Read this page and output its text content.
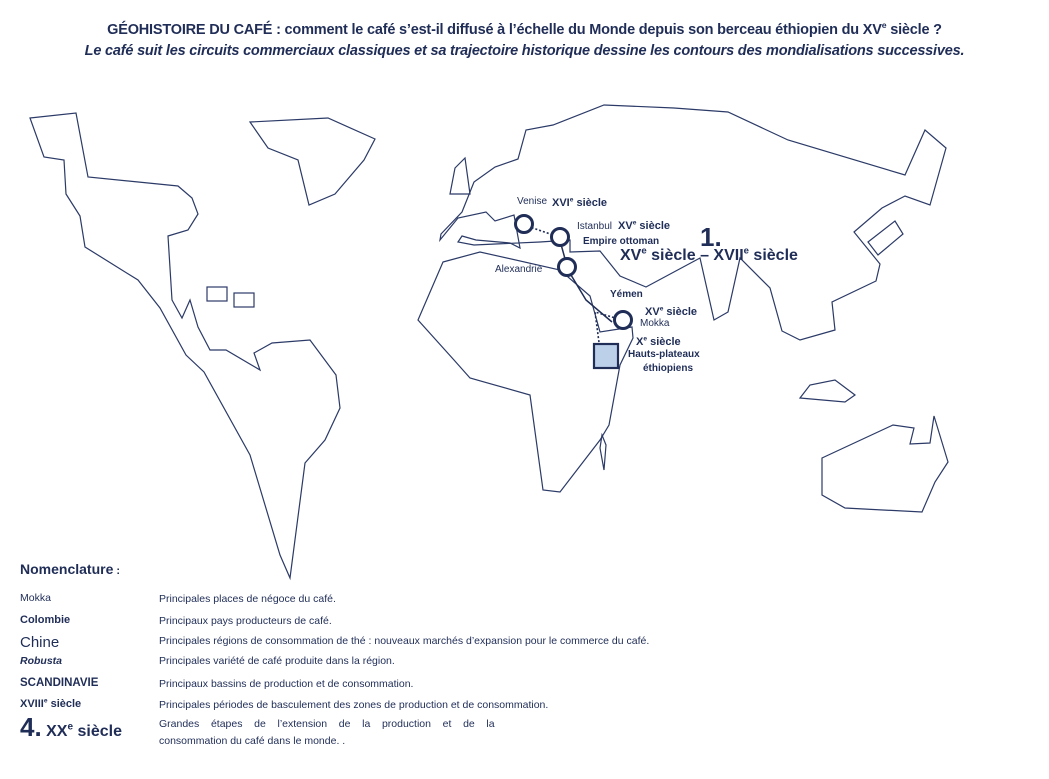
GÉOHISTOIRE DU CAFÉ : comment le café s’est-il diffusé à l’échelle du Monde depuis son berceau éthiopien du XVe siècle ?
Le café suit les circuits commerciaux classiques et sa trajectoire historique dessine les contours des mondialisations successives.
Venise XVIe siècle
Istanbul XVe siècle
Empire ottoman
Alexandrie
Yémen
XVe siècle
Mokka
Xe siècle
Hauts-plateaux
éthiopiens
1.
XVe siècle – XVIIe siècle
Nomenclature :
Mokka	Principales places de négoce du café.
Colombie	Principaux pays producteurs de café.
Chine	Principales régions de consommation de thé : nouveaux marchés d’expansion pour le commerce du café.
Robusta	Principales variété de café produite dans la région.
SCANDINAVIE	Principaux bassins de production et de consommation.
XVIIIe siècle	Principales périodes de basculement des zones de production et de consommation.
4. XXe siècle	Grandes    étapes    de    l’extension    de    la    production    et    de    la
consommation du café dans le monde. .
